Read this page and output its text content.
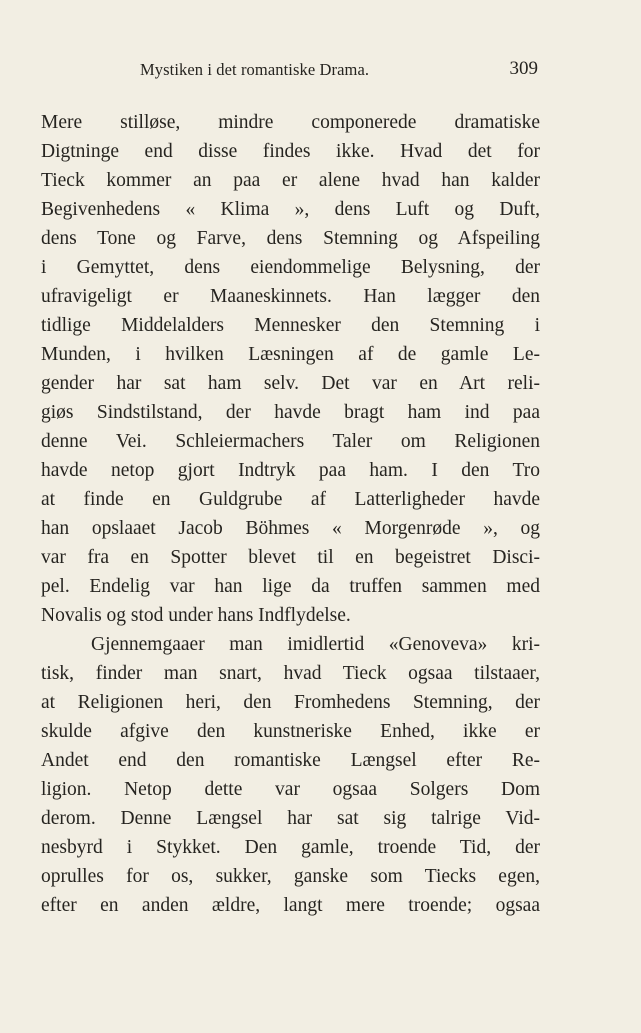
Mystiken i det romantiske Drama.	309
Mere stilløse, mindre componerede dramatiske
Digtninge end disse findes ikke. Hvad det for
Tieck kommer an paa er alene hvad han kalder
Begivenhedens « Klima », dens Luft og Duft,
dens Tone og Farve, dens Stemning og Afspeiling
i Gemyttet, dens eiendommelige Belysning, der
ufravigeligt er Maaneskinnets. Han lægger den
tidlige Middelalders Mennesker den Stemning i
Munden, i hvilken Læsningen af de gamle Le-
gender har sat ham selv. Det var en Art reli-
giøs Sindstilstand, der havde bragt ham ind paa
denne Vei. Schleiermachers Taler om Religionen
havde netop gjort Indtryk paa ham. I den Tro
at finde en Guldgrube af Latterligheder havde
han opslaaet Jacob Böhmes « Morgenrøde », og
var fra en Spotter blevet til en begeistret Disci-
pel. Endelig var han lige da truffen sammen med
Novalis og stod under hans Indflydelse.
Gjennemgaaer man imidlertid «Genoveva» kri-
tisk, finder man snart, hvad Tieck ogsaa tilstaaer,
at Religionen heri, den Fromhedens Stemning, der
skulde afgive den kunstneriske Enhed, ikke er
Andet end den romantiske Længsel efter Re-
ligion. Netop dette var ogsaa Solgers Dom
derom. Denne Længsel har sat sig talrige Vid-
nesbyrd i Stykket. Den gamle, troende Tid, der
oprulles for os, sukker, ganske som Tiecks egen,
efter en anden ældre, langt mere troende; ogsaa
